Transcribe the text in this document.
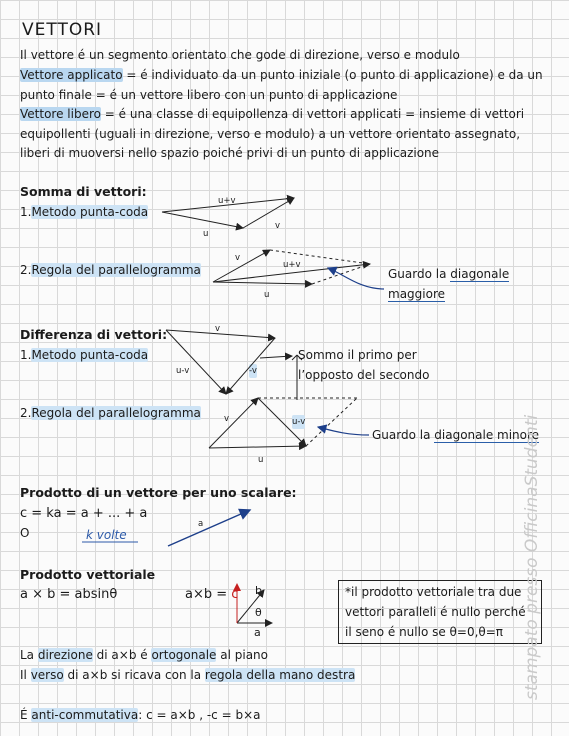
VETTORI
Il vettore é un segmento orientato che gode di direzione, verso e modulo
Vettore applicato = é individuato da un punto iniziale (o punto di applicazione) e da un
punto finale = é un vettore libero con un punto di applicazione
Vettore libero = é una classe di equipollenza di vettori applicati = insieme di vettori
equipollenti (uguali in direzione, verso e modulo) a un vettore orientato assegnato,
liberi di muoversi nello spazio poiché privi di un punto di applicazione
Somma di vettori:
1.Metodo punta-coda
2.Regola del parallelogramma	Guardo la diagonale
maggiore
u+v
u
v
v
u+v
u
Differenza di vettori:
1.Metodo punta-coda
2.Regola del parallelogramma
Sommo il primo per
l’opposto del secondo
Guardo la diagonale minore
v
u-v	-v
v	u-v
u
Prodotto di un vettore per uno scalare:
c = ka = a + ... + a
O	k volte
a
Prodotto vettoriale
a × b = absinθ	a×b = c b
θ
a
*il prodotto vettoriale tra due
vettori paralleli é nullo perché
il seno é nullo se θ=0,θ=π
La direzione di a×b é ortogonale al piano
Il verso di a×b si ricava con la regola della mano destra
É anti-commutativa: c = a×b , -c = b×a
stampato presso OfficinaStudenti
